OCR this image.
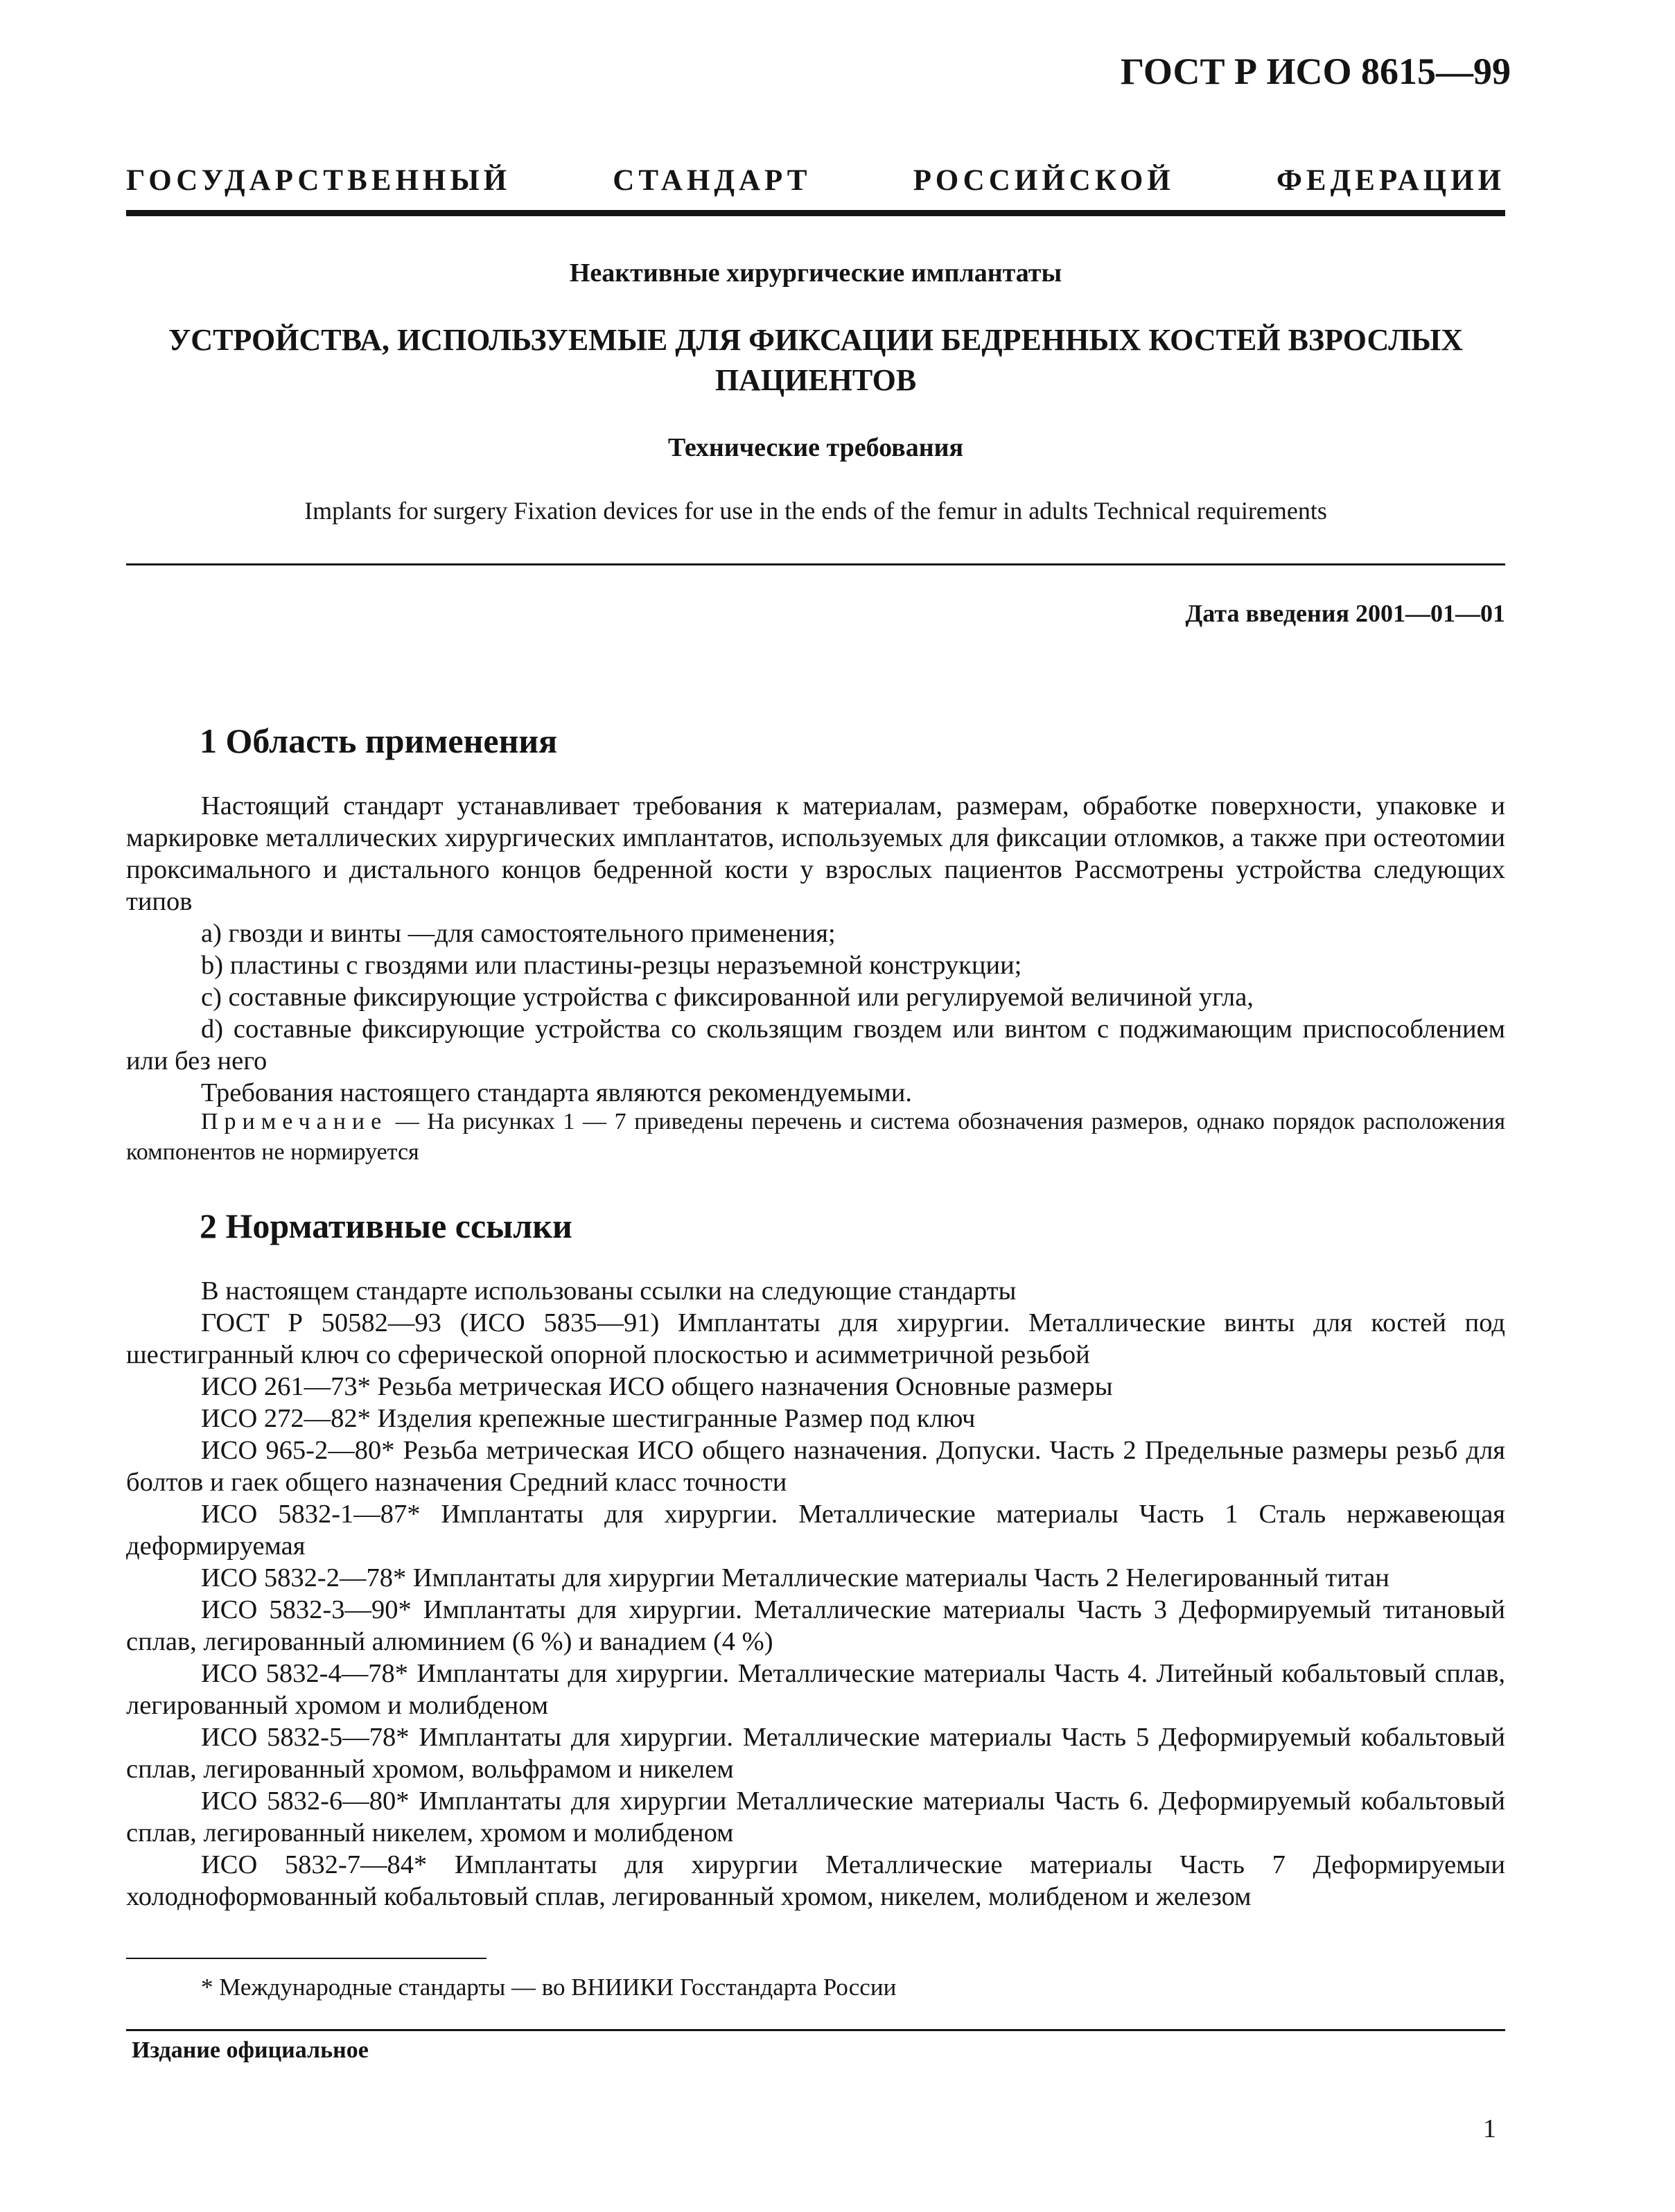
ГОСТ Р ИСО 8615—99
ГОСУДАРСТВЕННЫЙ СТАНДАРТ РОССИЙСКОЙ ФЕДЕРАЦИИ
Неактивные хирургические имплантаты
УСТРОЙСТВА, ИСПОЛЬЗУЕМЫЕ ДЛЯ ФИКСАЦИИ БЕДРЕННЫХ КОСТЕЙ ВЗРОСЛЫХ ПАЦИЕНТОВ
Технические требования
Implants for surgery Fixation devices for use in the ends of the femur in adults Technical requirements
Дата введения 2001—01—01
1 Область применения

Настоящий стандарт устанавливает требования к материалам, размерам, обработке поверхности, упаковке и маркировке металлических хирургических имплантатов, используемых для фиксации отломков, а также при остеотомии проксимального и дистального концов бедренной кости у взрослых пациентов Рассмотрены устройства следующих типов

а) гвозди и винты —для самостоятельного применения;

b) пластины с гвоздями или пластины-резцы неразъемной конструкции;

с) составные фиксирующие устройства с фиксированной или регулируемой величиной угла,

d) составные фиксирующие устройства со скользящим гвоздем или винтом с поджимающим приспособлением или без него

Требования настоящего стандарта являются рекомендуемыми.

Примечание — На рисунках 1 — 7 приведены перечень и система обозначения размеров, однако порядок расположения компонентов не нормируется
2 Нормативные ссылки

В настоящем стандарте использованы ссылки на следующие стандарты

ГОСТ Р 50582—93 (ИСО 5835—91) Имплантаты для хирургии. Металлические винты для костей под шестигранный ключ со сферической опорной плоскостью и асимметричной резьбой

ИСО 261—73* Резьба метрическая ИСО общего назначения Основные размеры

ИСО 272—82* Изделия крепежные шестигранные Размер под ключ

ИСО 965-2—80* Резьба метрическая ИСО общего назначения. Допуски. Часть 2 Предельные размеры резьб для болтов и гаек общего назначения Средний класс точности

ИСО 5832-1—87* Имплантаты для хирургии. Металлические материалы Часть 1 Сталь нержавеющая деформируемая

ИСО 5832-2—78* Имплантаты для хирургии Металлические материалы Часть 2 Нелегированный титан

ИСО 5832-3—90* Имплантаты для хирургии. Металлические материалы Часть 3 Деформируемый титановый сплав, легированный алюминием (6 %) и ванадием (4 %)

ИСО 5832-4—78* Имплантаты для хирургии. Металлические материалы Часть 4. Литейный кобальтовый сплав, легированный хромом и молибденом

ИСО 5832-5—78* Имплантаты для хирургии. Металлические материалы Часть 5 Деформируемый кобальтовый сплав, легированный хромом, вольфрамом и никелем

ИСО 5832-6—80* Имплантаты для хирургии Металлические материалы Часть 6. Деформируемый кобальтовый сплав, легированный никелем, хромом и молибденом

ИСО 5832-7—84* Имплантаты для хирургии Металлические материалы Часть 7 Деформируемыи холодноформованный кобальтовый сплав, легированный хромом, никелем, молибденом и железом

* Международные стандарты — во ВНИИКИ Госстандарта России
Издание официальное
1
